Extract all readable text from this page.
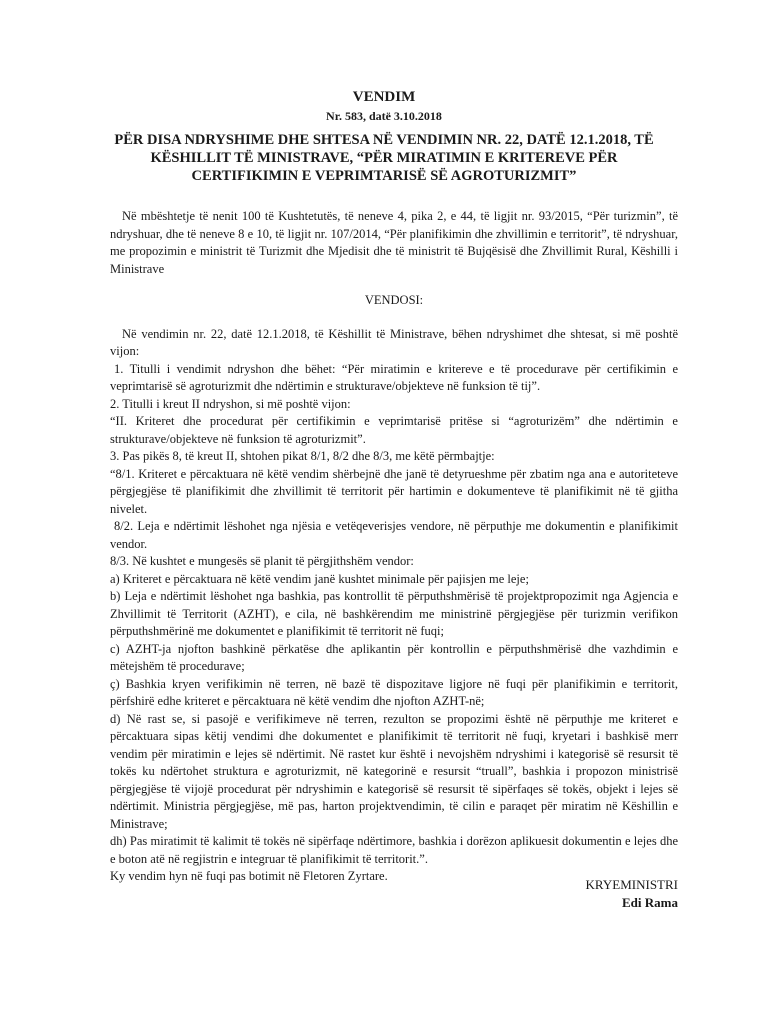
VENDIM
Nr. 583, datë 3.10.2018
PËR DISA NDRYSHIME DHE SHTESA NË VENDIMIN NR. 22, DATË 12.1.2018, TË KËSHILLIT TË MINISTRAVE, “PËR MIRATIMIN E KRITEREVE PËR CERTIFIKIMIN E VEPRIMTARISË SË AGROTURIZMIT”

Në mbështetje të nenit 100 të Kushtetutës, të neneve 4, pika 2, e 44, të ligjit nr. 93/2015, “Për turizmin”, të ndryshuar, dhe të neneve 8 e 10, të ligjit nr. 107/2014, “Për planifikimin dhe zhvillimin e territorit”, të ndryshuar, me propozimin e ministrit të Turizmit dhe Mjedisit dhe të ministrit të Bujqësisë dhe Zhvillimit Rural, Këshilli i Ministrave

VENDOSI:

Në vendimin nr. 22, datë 12.1.2018, të Këshillit të Ministrave, bëhen ndryshimet dhe shtesat, si më poshtë vijon:

1. Titulli i vendimit ndryshon dhe bëhet: “Për miratimin e kritereve e të procedurave për certifikimin e veprimtarisë së agroturizmit dhe ndërtimin e strukturave/objekteve në funksion të tij”.

2. Titulli i kreut II ndryshon, si më poshtë vijon:

“II. Kriteret dhe procedurat për certifikimin e veprimtarisë pritëse si “agroturizëm” dhe ndërtimin e strukturave/objekteve në funksion të agroturizmit”.

3. Pas pikës 8, të kreut II, shtohen pikat 8/1, 8/2 dhe 8/3, me këtë përmbajtje:

“8/1. Kriteret e përcaktuara në këtë vendim shërbejnë dhe janë të detyrueshme për zbatim nga ana e autoriteteve përgjegjëse të planifikimit dhe zhvillimit të territorit për hartimin e dokumenteve të planifikimit në të gjitha nivelet.

8/2. Leja e ndërtimit lëshohet nga njësia e vetëqeverisjes vendore, në përputhje me dokumentin e planifikimit vendor.

8/3. Në kushtet e mungesës së planit të përgjithshëm vendor:

a) Kriteret e përcaktuara në këtë vendim janë kushtet minimale për pajisjen me leje;

b) Leja e ndërtimit lëshohet nga bashkia, pas kontrollit të përputhshmërisë të projektpropozimit nga Agjencia e Zhvillimit të Territorit (AZHT), e cila, në bashkërendim me ministrinë përgjegjëse për turizmin verifikon përputhshmërinë me dokumentet e planifikimit të territorit në fuqi;

c) AZHT-ja njofton bashkinë përkatëse dhe aplikantin për kontrollin e përputhshmërisë dhe vazhdimin e mëtejshëm të procedurave;

ç) Bashkia kryen verifikimin në terren, në bazë të dispozitave ligjore në fuqi për planifikimin e territorit, përfshirë edhe kriteret e përcaktuara në këtë vendim dhe njofton AZHT-në;

d) Në rast se, si pasojë e verifikimeve në terren, rezulton se propozimi është në përputhje me kriteret e përcaktuara sipas këtij vendimi dhe dokumentet e planifikimit të territorit në fuqi, kryetari i bashkisë merr vendim për miratimin e lejes së ndërtimit. Në rastet kur është i nevojshëm ndryshimi i kategorisë së resursit të tokës ku ndërtohet struktura e agroturizmit, në kategorinë e resursit “truall”, bashkia i propozon ministrisë përgjegjëse të vijojë procedurat për ndryshimin e kategorisë së resursit të sipërfaqes së tokës, objekt i lejes së ndërtimit. Ministria përgjegjëse, më pas, harton projektvendimin, të cilin e paraqet për miratim në Këshillin e Ministrave;

dh) Pas miratimit të kalimit të tokës në sipërfaqe ndërtimore, bashkia i dorëzon aplikuesit dokumentin e lejes dhe e boton atë në regjistrin e integruar të planifikimit të territorit.”.

Ky vendim hyn në fuqi pas botimit në Fletoren Zyrtare.

KRYEMINISTRI
Edi Rama
